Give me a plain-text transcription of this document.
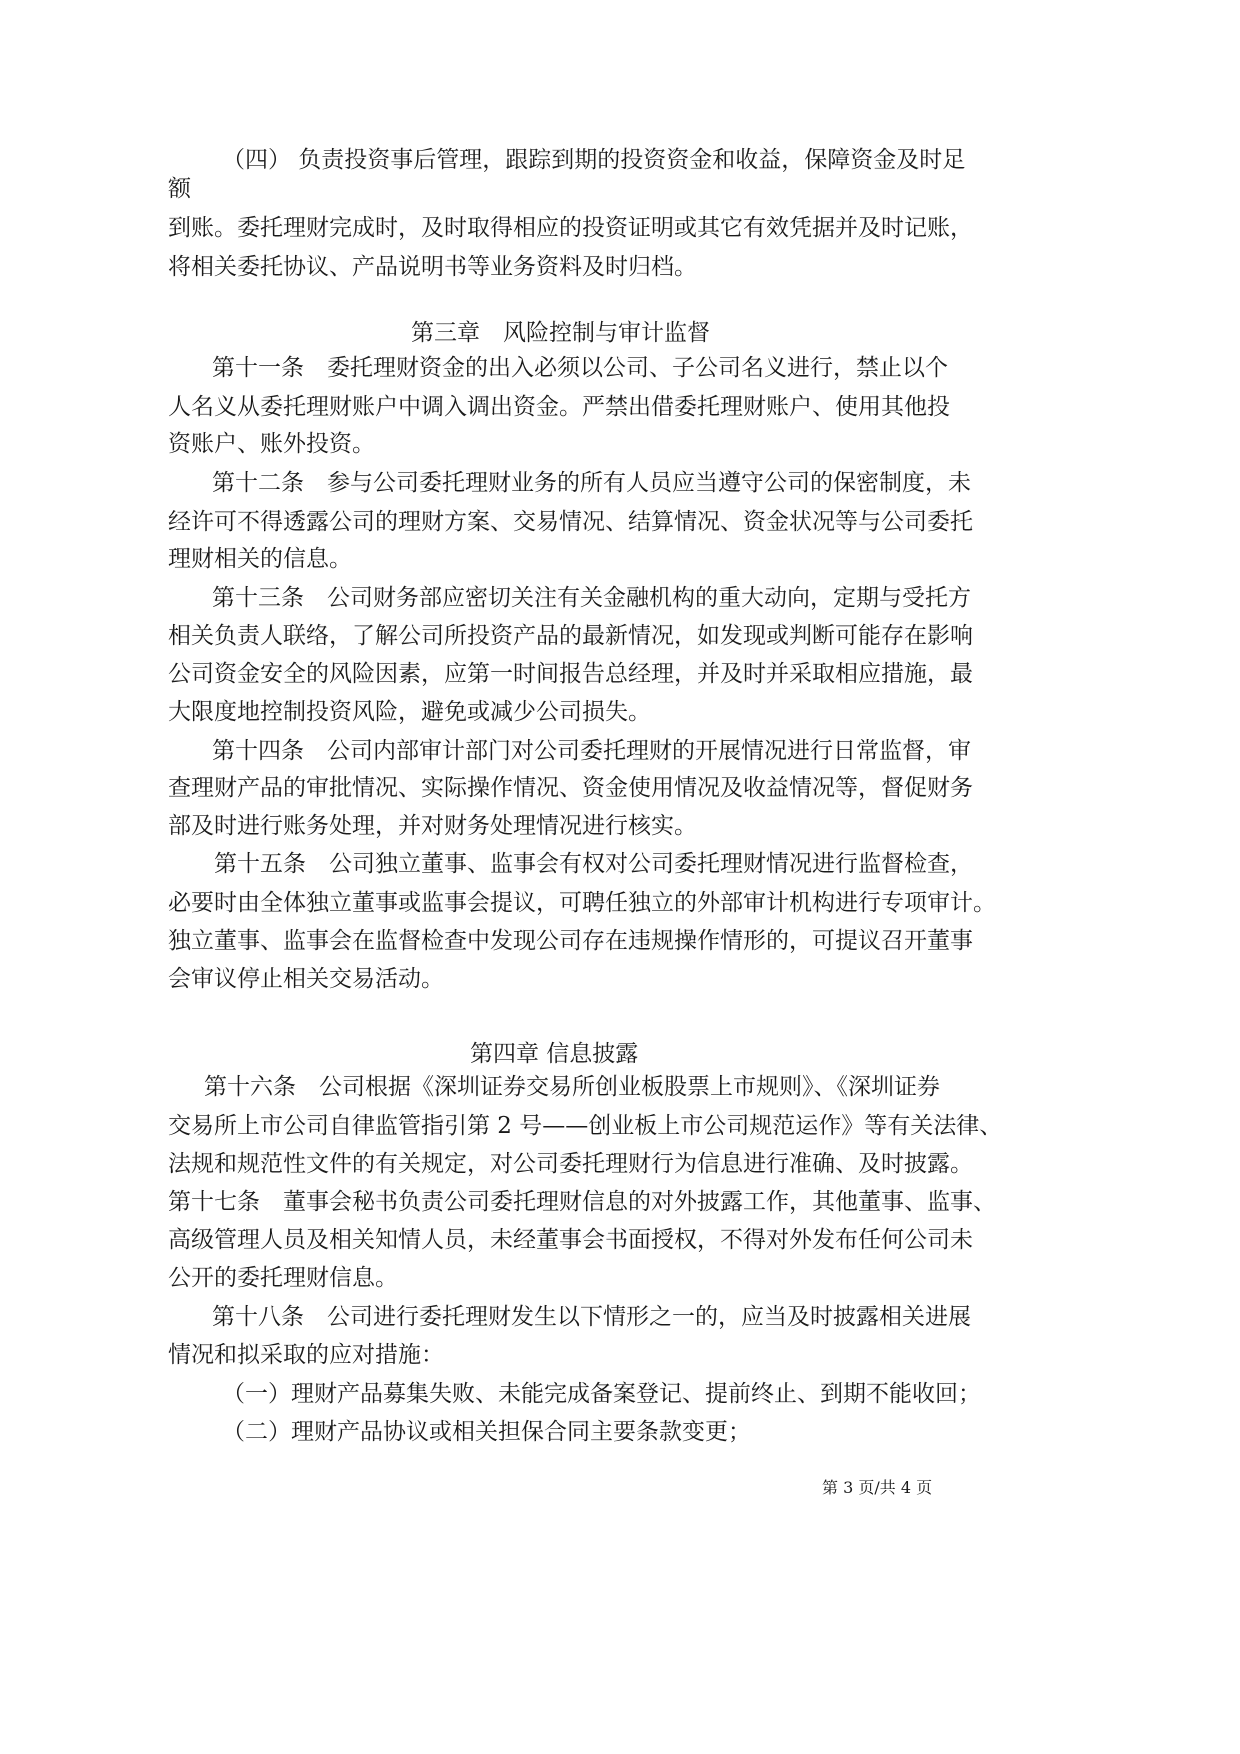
（四） 负责投资事后管理，跟踪到期的投资资金和收益，保障资金及时足

额

到账。委托理财完成时，及时取得相应的投资证明或其它有效凭据并及时记账，

将相关委托协议、产品说明书等业务资料及时归档。

第三章　风险控制与审计监督

第十一条　委托理财资金的出入必须以公司、子公司名义进行，禁止以个

人名义从委托理财账户中调入调出资金。严禁出借委托理财账户、使用其他投

资账户、账外投资。

第十二条　参与公司委托理财业务的所有人员应当遵守公司的保密制度，未

经许可不得透露公司的理财方案、交易情况、结算情况、资金状况等与公司委托

理财相关的信息。

第十三条　公司财务部应密切关注有关金融机构的重大动向，定期与受托方

相关负责人联络，了解公司所投资产品的最新情况，如发现或判断可能存在影响

公司资金安全的风险因素，应第一时间报告总经理，并及时并采取相应措施，最

大限度地控制投资风险，避免或减少公司损失。

第十四条　公司内部审计部门对公司委托理财的开展情况进行日常监督，审

查理财产品的审批情况、实际操作情况、资金使用情况及收益情况等，督促财务

部及时进行账务处理，并对财务处理情况进行核实。

第十五条　公司独立董事、监事会有权对公司委托理财情况进行监督检查，

必要时由全体独立董事或监事会提议，可聘任独立的外部审计机构进行专项审计。

独立董事、监事会在监督检查中发现公司存在违规操作情形的，可提议召开董事

会审议停止相关交易活动。

第四章 信息披露

第十六条　公司根据《深圳证券交易所创业板股票上市规则》、《深圳证券

交易所上市公司自律监管指引第 2 号——创业板上市公司规范运作》等有关法律、

法规和规范性文件的有关规定，对公司委托理财行为信息进行准确、及时披露。

第十七条　董事会秘书负责公司委托理财信息的对外披露工作，其他董事、监事、

高级管理人员及相关知情人员，未经董事会书面授权，不得对外发布任何公司未

公开的委托理财信息。

第十八条　公司进行委托理财发生以下情形之一的，应当及时披露相关进展

情况和拟采取的应对措施：

（一）理财产品募集失败、未能完成备案登记、提前终止、到期不能收回；

（二）理财产品协议或相关担保合同主要条款变更；

第 3 页/共 4 页
